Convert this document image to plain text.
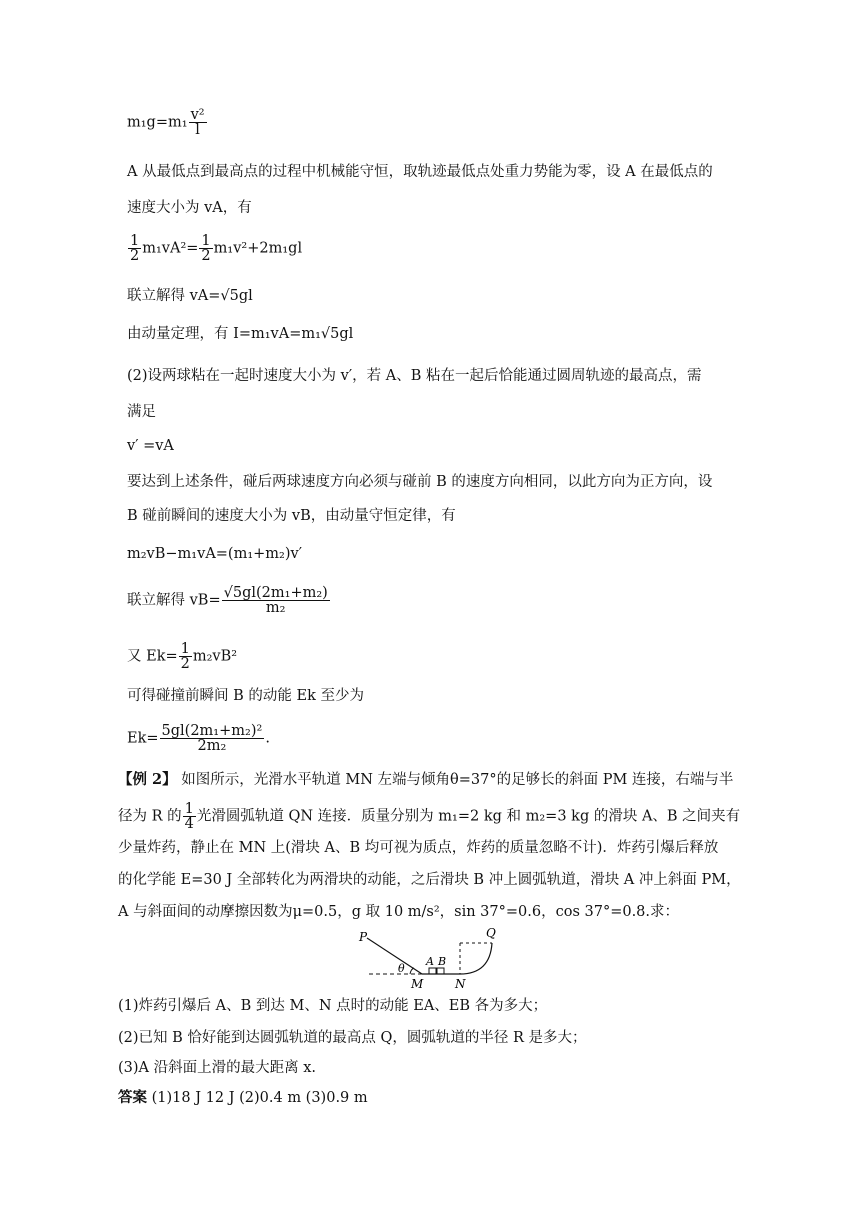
$m_1g=m_1 \frac{\text{v²}}{l}$
A 从最低点到最高点的过程中机械能守恒，取轨迹最低点处重力势能为零，设 A 在最低点的
速度大小为 vA，有
$\frac{1}{2} m_1vA^2= \frac{1}{2} m_1v^2+2m_1gl$
联立解得 vA=√5gl
由动量定理，有 I=m₁vA=m₁√5gl
(2)设两球粘在一起时速度大小为 v′，若 A、B 粘在一起后恰能通过圆周轨迹的最高点，需
满足
v′ =vA
要达到上述条件，碰后两球速度方向必须与碰前 B 的速度方向相同，以此方向为正方向，设
B 碰前瞬间的速度大小为 vB，由动量守恒定律，有
m₂vB−m₁vA=(m₁+m₂)v′
联立解得 $vB= \frac{\text{√5gl(2m₁+m₂)}}{\text{m₂}}$
又 $Ek= \frac{1}{2} m_2vB^2$
可得碰撞前瞬间 B 的动能 Ek 至少为
$Ek= \frac{\text{5gl(2m₁+m₂)²}}{\text{2m₂}}$ .
【例 2】 如图所示，光滑水平轨道 MN 左端与倾角θ=37°的足够长的斜面 PM 连接，右端与半
径为 R 的 $\frac{1}{4}$ 光滑圆弧轨道 QN 连接．质量分别为 m₁=2 kg 和 m₂=3 kg 的滑块 A、B 之间夹有
少量炸药，静止在 MN 上(滑块 A、B 均可视为质点，炸药的质量忽略不计)．炸药引爆后释放
的化学能 E=30 J 全部转化为两滑块的动能，之后滑块 B 冲上圆弧轨道，滑块 A 冲上斜面 PM，
A 与斜面间的动摩擦因数为μ=0.5，g 取 10 m/s²，sin 37°=0.6，cos 37°=0.8.求：
P
θ
A B
M	N
Q
(1)炸药引爆后 A、B 到达 M、N 点时的动能 EA、EB 各为多大；
(2)已知 B 恰好能到达圆弧轨道的最高点 Q，圆弧轨道的半径 R 是多大；
(3)A 沿斜面上滑的最大距离 x.
答案 (1)18 J 12 J (2)0.4 m (3)0.9 m
